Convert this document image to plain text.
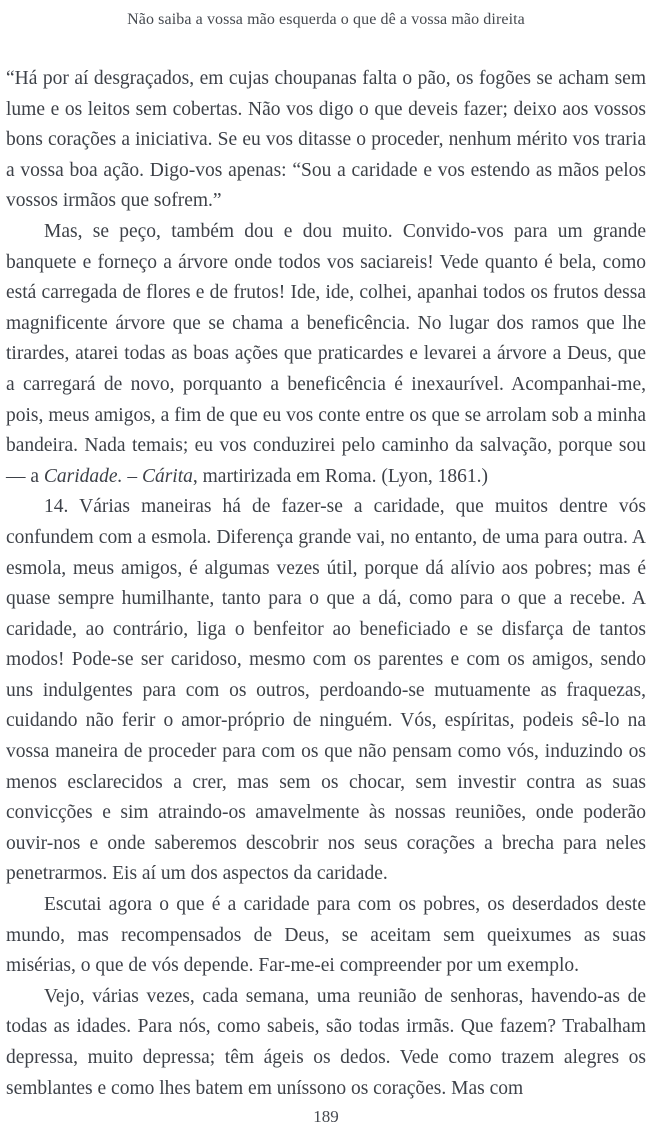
Não saiba a vossa mão esquerda o que dê a vossa mão direita

“Há por aí desgraçados, em cujas choupanas falta o pão, os fogões se acham sem lume e os leitos sem cobertas. Não vos digo o que deveis fazer; deixo aos vossos bons corações a iniciativa. Se eu vos ditasse o proceder, nenhum mérito vos traria a vossa boa ação. Digo-vos apenas: “Sou a caridade e vos estendo as mãos pelos vossos irmãos que sofrem.”

Mas, se peço, também dou e dou muito. Convido-vos para um grande banquete e forneço a árvore onde todos vos saciareis! Vede quanto é bela, como está carregada de flores e de frutos! Ide, ide, colhei, apanhai todos os frutos dessa magnificente árvore que se chama a beneficência. No lugar dos ramos que lhe tirardes, atarei todas as boas ações que praticardes e levarei a árvore a Deus, que a carregará de novo, porquanto a beneficência é inexaurível. Acompanhai-me, pois, meus amigos, a fim de que eu vos conte entre os que se arrolam sob a minha bandeira. Nada temais; eu vos conduzirei pelo caminho da salvação, porque sou — a Caridade. – Cárita, martirizada em Roma. (Lyon, 1861.)

14. Várias maneiras há de fazer-se a caridade, que muitos dentre vós confundem com a esmola. Diferença grande vai, no entanto, de uma para outra. A esmola, meus amigos, é algumas vezes útil, porque dá alívio aos pobres; mas é quase sempre humilhante, tanto para o que a dá, como para o que a recebe. A caridade, ao contrário, liga o benfeitor ao beneficiado e se disfarça de tantos modos! Pode-se ser caridoso, mesmo com os parentes e com os amigos, sendo uns indulgentes para com os outros, perdoando-se mutuamente as fraquezas, cuidando não ferir o amor-próprio de ninguém. Vós, espíritas, podeis sê-lo na vossa maneira de proceder para com os que não pensam como vós, induzindo os menos esclarecidos a crer, mas sem os chocar, sem investir contra as suas convicções e sim atraindo-os amavelmente às nossas reuniões, onde poderão ouvir-nos e onde saberemos descobrir nos seus corações a brecha para neles penetrarmos. Eis aí um dos aspectos da caridade.

Escutai agora o que é a caridade para com os pobres, os deserdados deste mundo, mas recompensados de Deus, se aceitam sem queixumes as suas misérias, o que de vós depende. Far-me-ei compreender por um exemplo.

Vejo, várias vezes, cada semana, uma reunião de senhoras, havendo-as de todas as idades. Para nós, como sabeis, são todas irmãs. Que fazem? Trabalham depressa, muito depressa; têm ágeis os dedos. Vede como trazem alegres os semblantes e como lhes batem em uníssono os corações. Mas com

189
